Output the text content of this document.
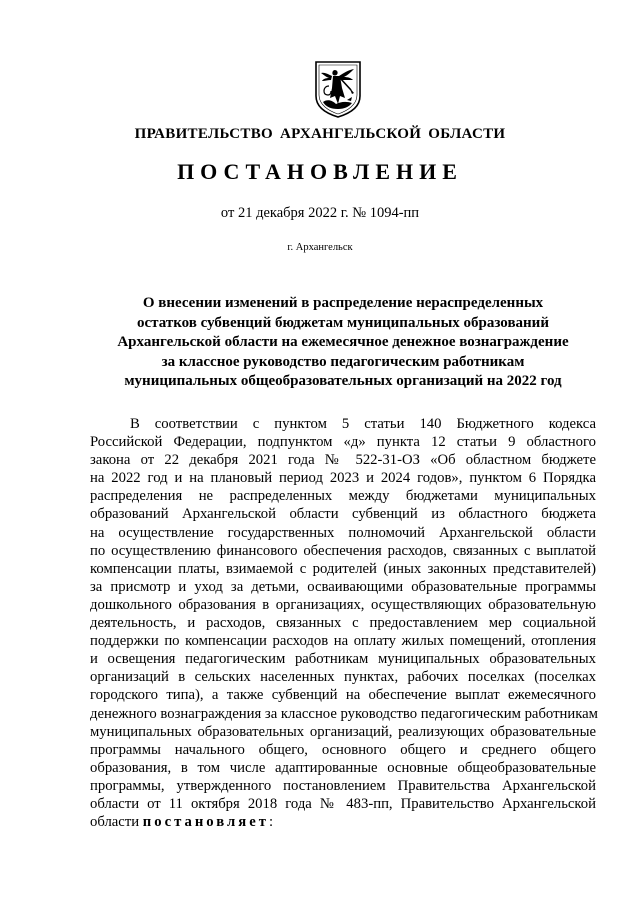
ПРАВИТЕЛЬСТВО АРХАНГЕЛЬСКОЙ ОБЛАСТИ
ПОСТАНОВЛЕНИЕ
от 21 декабря 2022 г. № 1094-пп
г. Архангельск
О внесении изменений в распределение нераспределенных
остатков субвенций бюджетам муниципальных образований
Архангельской области на ежемесячное денежное вознаграждение
за классное руководство педагогическим работникам
муниципальных общеобразовательных организаций на 2022 год
В соответствии с пунктом 5 статьи 140 Бюджетного кодекса
Российской Федерации, подпунктом «д» пункта 12 статьи 9 областного
закона от 22 декабря 2021 года № 522-31-ОЗ «Об областном бюджете
на 2022 год и на плановый период 2023 и 2024 годов», пунктом 6 Порядка
распределения не распределенных между бюджетами муниципальных
образований Архангельской области субвенций из областного бюджета
на осуществление государственных полномочий Архангельской области
по осуществлению финансового обеспечения расходов, связанных с выплатой
компенсации платы, взимаемой с родителей (иных законных представителей)
за присмотр и уход за детьми, осваивающими образовательные программы
дошкольного образования в организациях, осуществляющих образовательную
деятельность, и расходов, связанных с предоставлением мер социальной
поддержки по компенсации расходов на оплату жилых помещений, отопления
и освещения педагогическим работникам муниципальных образовательных
организаций в сельских населенных пунктах, рабочих поселках (поселках
городского типа), а также субвенций на обеспечение выплат ежемесячного
денежного вознаграждения за классное руководство педагогическим работникам
муниципальных образовательных организаций, реализующих образовательные
программы начального общего, основного общего и среднего общего
образования, в том числе адаптированные основные общеобразовательные
программы, утвержденного постановлением Правительства Архангельской
области от 11 октября 2018 года № 483-пп, Правительство Архангельской
области постановляет:
